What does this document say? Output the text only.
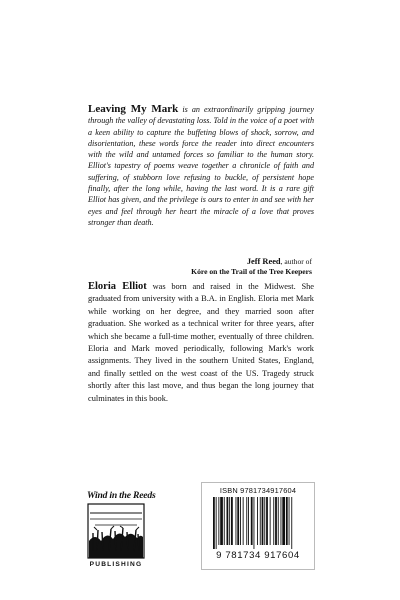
Leaving My Mark is an extraordinarily gripping journey through the valley of devastating loss. Told in the voice of a poet with a keen ability to capture the buffeting blows of shock, sorrow, and disorientation, these words force the reader into direct encounters with the wild and untamed forces so familiar to the human story. Elliot's tapestry of poems weave together a chronicle of faith and suffering, of stubborn love refusing to buckle, of persistent hope finally, after the long while, having the last word. It is a rare gift Elliot has given, and the privilege is ours to enter in and see with her eyes and feel through her heart the miracle of a love that proves stronger than death.
Jeff Reed, author of
Kóre on the Trail of the Tree Keepers
Eloria Elliot was born and raised in the Midwest. She graduated from university with a B.A. in English. Eloria met Mark while working on her degree, and they married soon after graduation. She worked as a technical writer for three years, after which she became a full-time mother, eventually of three children. Eloria and Mark moved periodically, following Mark's work assignments. They lived in the southern United States, England, and finally settled on the west coast of the US. Tragedy struck shortly after this last move, and thus began the long journey that culminates in this book.
Wind in the Reeds
PUBLISHING
ISBN 9781734917604
9 781734 917604
